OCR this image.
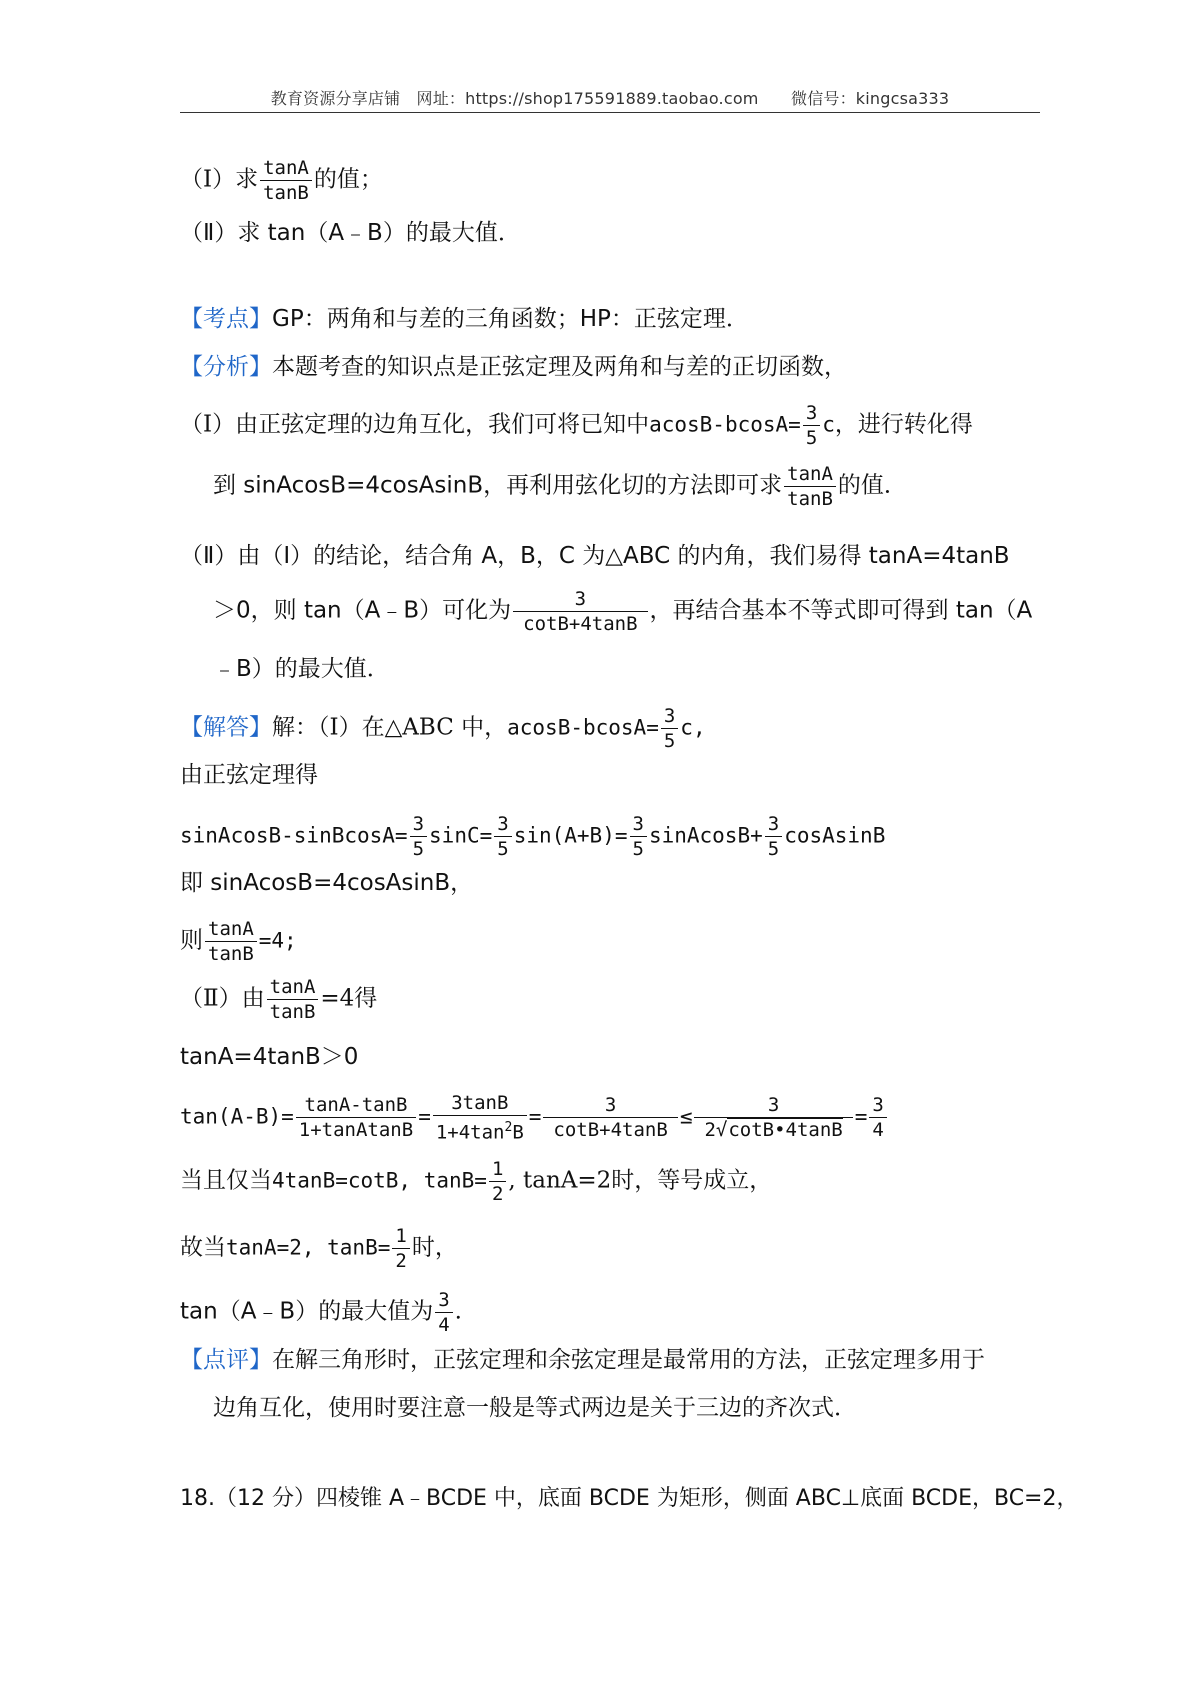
教育资源分享店铺　网址：https://shop175591889.taobao.com　　微信号：kingcsa333
（Ⅰ）求 $\frac{\tan A}{\tan B}$ 的值；
（Ⅱ）求 tan（A﹣B）的最大值．
【考点】GP：两角和与差的三角函数；HP：正弦定理．
【分析】本题考查的知识点是正弦定理及两角和与差的正切函数，
（Ⅰ）由正弦定理的边角互化，我们可将已知中$acosB-bcosA= \frac{3}{5}$ c，进行转化得
到 sinAcosB=4cosAsinB，再利用弦化切的方法即可求 $\frac{\tan A}{\tan B}$ 的值．
（Ⅱ）由（Ⅰ）的结论，结合角 A，B，C 为△ABC 的内角，我们易得 tanA=4tanB
＞0，则 tan（A﹣B）可化为 $\frac{3}{\cot B+4\tan B}$ ，再结合基本不等式即可得到 tan（A
﹣B）的最大值．
【解答】解：（Ⅰ）在△ABC 中，$acosB-bcosA= \frac{3}{5} c$,
由正弦定理得
sinAcosB-sinBcosA= $\frac{3}{5} \sin C= \frac{3}{5} \sin(A+B)= \frac{3}{5}$ sinAcosB+ $\frac{3}{5}$ cosAsinB
即 sinAcosB=4cosAsinB，
则 $\frac{\tan A}{\tan B} =4$;
（Ⅱ）由 $\frac{\tan A}{\tan B} =4$得
tanA=4tanB＞0
$\tan(A-B)= \frac{\tan A-\tan B}{\text{1+tanAtanB}} = \frac{3\tan B}{1+4\tan^2B} = \frac{3}{\cot B+4\tan B} \le \frac{3}{2√\cot B•4\tan B} = \frac{3}{4}$
当且仅当4tanB=cotB, $\tan B= \frac{1}{2}$ , tanA=2时，等号成立，
故当tanA=2, $\tan B= \frac{1}{2}$ 时，
tan（A﹣B）的最大值为 $\frac{3}{4}$ .
【点评】在解三角形时，正弦定理和余弦定理是最常用的方法，正弦定理多用于
边角互化，使用时要注意一般是等式两边是关于三边的齐次式．
18.（12 分）四棱锥 A﹣BCDE 中，底面 BCDE 为矩形，侧面 ABC⊥底面 BCDE，BC=2，
